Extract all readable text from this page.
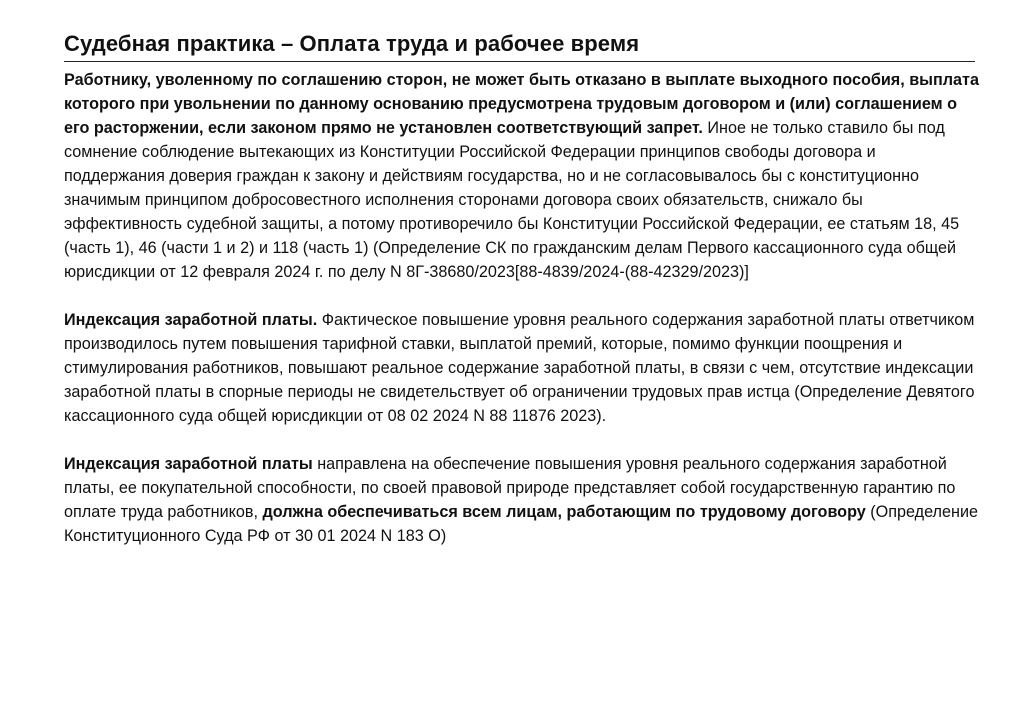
Судебная практика – Оплата труда и рабочее время

Работнику, уволенному по соглашению сторон, не может быть отказано в выплате выходного пособия, выплата которого при увольнении по данному основанию предусмотрена трудовым договором и (или) соглашением о его расторжении, если законом прямо не установлен соответствующий запрет. Иное не только ставило бы под сомнение соблюдение вытекающих из Конституции Российской Федерации принципов свободы договора и поддержания доверия граждан к закону и действиям государства, но и не согласовывалось бы с конституционно значимым принципом добросовестного исполнения сторонами договора своих обязательств, снижало бы эффективность судебной защиты, а потому противоречило бы Конституции Российской Федерации, ее статьям 18, 45 (часть 1), 46 (части 1 и 2) и 118 (часть 1) (Определение СК по гражданским делам Первого кассационного суда общей юрисдикции от 12 февраля 2024 г. по делу N 8Г-38680/2023[88-4839/2024-(88-42329/2023)]

Индексация заработной платы. Фактическое повышение уровня реального содержания заработной платы ответчиком
производилось путем повышения тарифной ставки, выплатой премий, которые, помимо функции поощрения и стимулирования работников, повышают реальное содержание заработной платы, в связи с чем, отсутствие индексации заработной платы в спорные периоды не свидетельствует об ограничении трудовых прав истца (Определение Девятого кассационного суда общей юрисдикции от 08 02 2024 N 88 11876 2023).

Индексация заработной платы направлена на обеспечение повышения уровня реального содержания заработной платы, ее покупательной способности, по своей правовой природе представляет собой государственную гарантию по оплате труда работников, должна обеспечиваться всем лицам, работающим по трудовому договору (Определение Конституционного Суда РФ от 30 01 2024 N 183 О)
